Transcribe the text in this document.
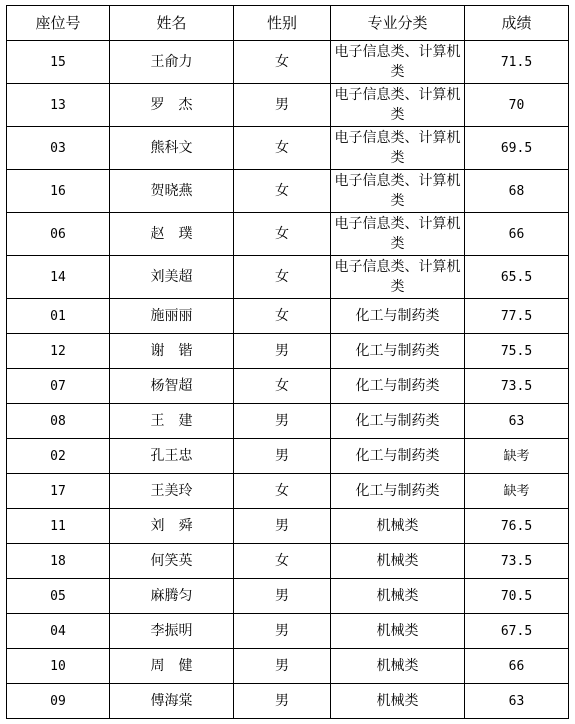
座位号	姓名	性别	专业分类	成绩
15	王俞力	女	电子信息类、计算机类	71.5
13	罗　杰	男	电子信息类、计算机类	70
03	熊科文	女	电子信息类、计算机类	69.5
16	贺晓燕	女	电子信息类、计算机类	68
06	赵　璞	女	电子信息类、计算机类	66
14	刘美超	女	电子信息类、计算机类	65.5
01	施丽丽	女	化工与制药类	77.5
12	谢　锴	男	化工与制药类	75.5
07	杨智超	女	化工与制药类	73.5
08	王　建	男	化工与制药类	63
02	孔王忠	男	化工与制药类	缺考
17	王美玲	女	化工与制药类	缺考
11	刘　舜	男	机械类	76.5
18	何笑英	女	机械类	73.5
05	麻腾匀	男	机械类	70.5
04	李振明	男	机械类	67.5
10	周　健	男	机械类	66
09	傅海棠	男	机械类	63
